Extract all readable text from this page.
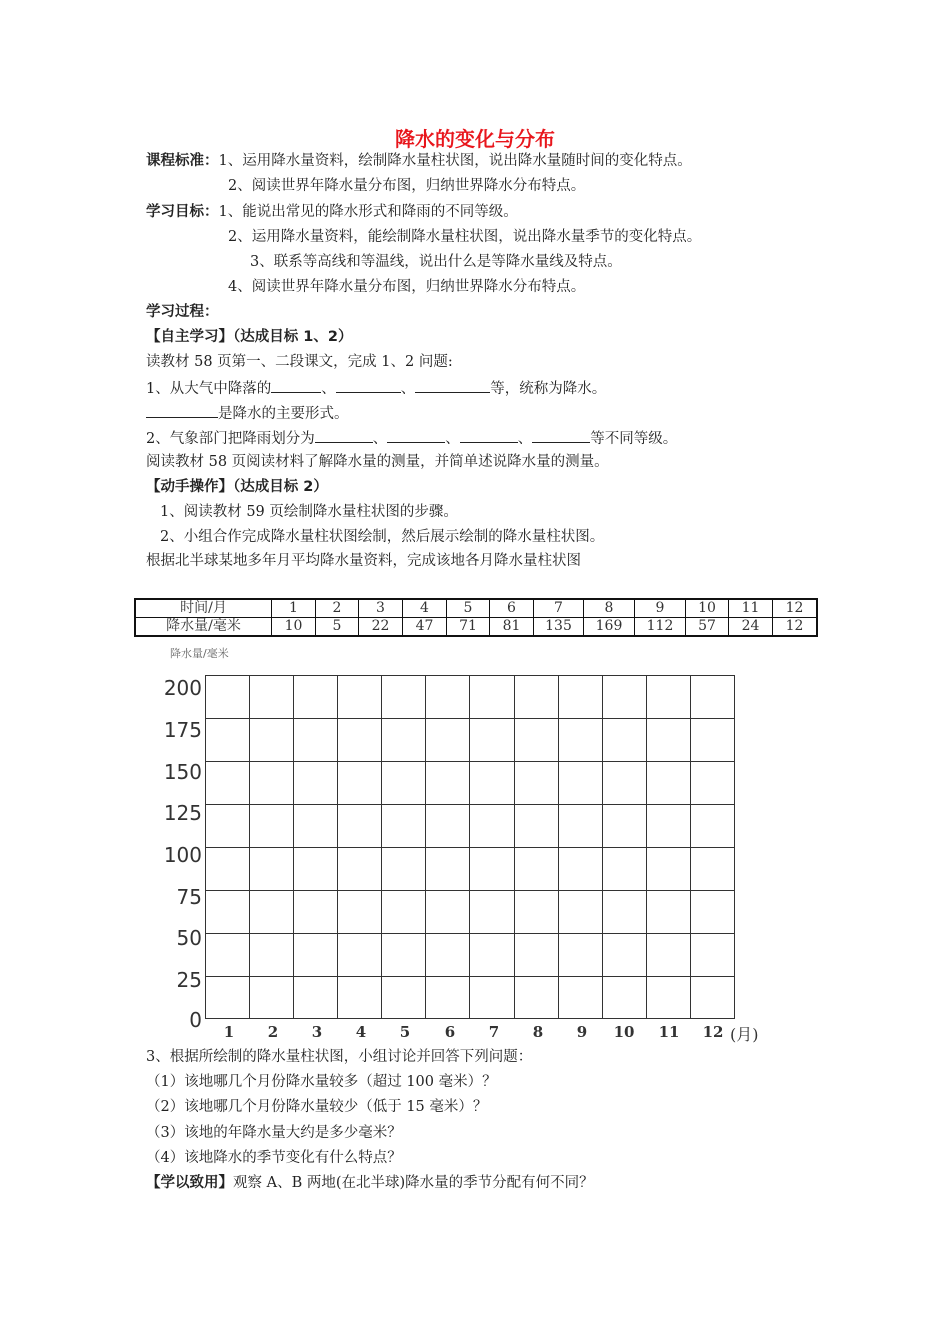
降水的变化与分布
课程标准：1、运用降水量资料，绘制降水量柱状图，说出降水量随时间的变化特点。
2、阅读世界年降水量分布图，归纳世界降水分布特点。
学习目标：1、能说出常见的降水形式和降雨的不同等级。
2、运用降水量资料，能绘制降水量柱状图，说出降水量季节的变化特点。
3、联系等高线和等温线，说出什么是等降水量线及特点。
4、阅读世界年降水量分布图，归纳世界降水分布特点。
学习过程：
【自主学习】（达成目标 1、2）
读教材 58 页第一、二段课文，完成 1、2 问题:
1、从大气中降落的	、	、	等，统称为降水。
是降水的主要形式。
2、气象部门把降雨划分为	、	、	、	等不同等级。
阅读教材 58 页阅读材料了解降水量的测量，并简单述说降水量的测量。
【动手操作】（达成目标 2）
1、阅读教材 59 页绘制降水量柱状图的步骤。
2、小组合作完成降水量柱状图绘制，然后展示绘制的降水量柱状图。
根据北半球某地多年月平均降水量资料，完成该地各月降水量柱状图
时间/月	1	2	3	4	5	6	7	8	9	10	11	12
降水量/毫米	10	5	22	47	71	81	135	169	112	57	24	12
降水量/毫米
200
175
150
125
100
75
50
25
0	1	2	3	4	5	6	7	8	9	10	11	12 (月)
3、根据所绘制的降水量柱状图，小组讨论并回答下列问题：
（1）该地哪几个月份降水量较多（超过 100 毫米）？
（2）该地哪几个月份降水量较少（低于 15 毫米）？
（3）该地的年降水量大约是多少毫米？
（4）该地降水的季节变化有什么特点？
【学以致用】观察 A、B 两地(在北半球)降水量的季节分配有何不同？
